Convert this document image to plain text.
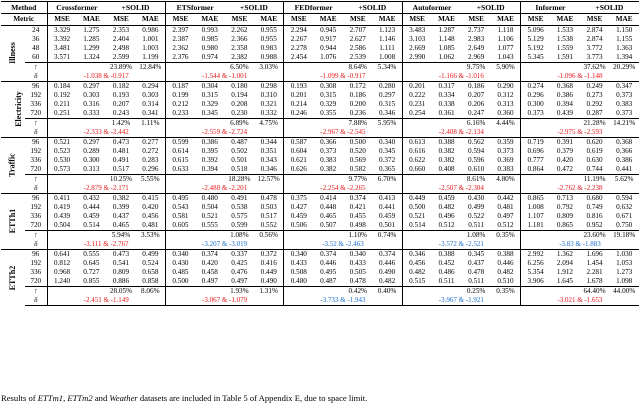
Method		Crossformer		+SOLID		ETSformer		+SOLID		FEDformer		+SOLID		Autoformer		+SOLID		Informer		+SOLID	
Metric		MSE	MAE	MSE	MAE	MSE	MAE	MSE	MAE	MSE	MAE	MSE	MAE	MSE	MAE	MSE	MAE	MSE	MAE	MSE	MAE
Illness	24	3.329	1.275	2.353	0.986	2.397	0.993	2.262	0.955	2.294	0.945	2.707	1.123	3.483	1.287	2.737	1.118	5.096	1.533	2.874	1.150
	36	3.392	1.285	2.404	1.001	2.387	0.985	2.366	0.955	2.267	0.917	2.627	1.146	3.103	1.148	2.983	1.106	5.129	1.538	2.874	1.155
	48	3.481	1.299	2.498	1.003	2.362	0.980	2.358	0.983	2.278	0.944	2.586	1.111	2.669	1.085	2.649	1.077	5.192	1.559	3.772	1.363
	60	3.571	1.324	2.599	1.199	2.376	0.974	2.382	0.988	2.454	1.076	2.539	1.008	2.990	1.062	2.969	1.043	5.345	1.591	3.773	1.394
	↑			23.89%	12.84%			6.50%	3.03%			8.64%	5.34%			9.75%	5.90%			37.62%	20.29%
	δ	-1.038 & -0.917				-1.544 & -1.001				-1.099 & -0.917				-1.166 & -1.016				-1.096 & -1.148			
Electricity	96	0.184	0.297	0.182	0.294	0.187	0.304	0.180	0.298	0.193	0.308	0.172	0.280	0.201	0.317	0.186	0.290	0.274	0.368	0.249	0.347
	192	0.192	0.303	0.193	0.303	0.199	0.315	0.194	0.310	0.201	0.315	0.186	0.297	0.222	0.334	0.207	0.312	0.296	0.386	0.273	0.373
	336	0.211	0.316	0.207	0.314	0.212	0.329	0.208	0.321	0.214	0.329	0.200	0.315	0.231	0.338	0.206	0.313	0.300	0.394	0.292	0.383
	720	0.251	0.333	0.243	0.341	0.233	0.345	0.230	0.332	0.246	0.355	0.236	0.346	0.254	0.361	0.247	0.360	0.373	0.439	0.287	0.373
	↑			1.42%	1.11%			6.89%	4.75%			7.88%	5.95%			6.16%	4.44%			21.28%	14.21%
	δ	-2.333 & -2.442				-2.559 & -2.724				-2.967 & -2.545				-2.408 & -2.134				-2.975 & -2.593			
Traffic	96	0.521	0.297	0.473	0.277	0.599	0.386	0.487	0.344	0.587	0.366	0.500	0.340	0.613	0.388	0.562	0.359	0.719	0.391	0.620	0.368
	192	0.523	0.289	0.481	0.272	0.614	0.395	0.502	0.351	0.604	0.373	0.520	0.345	0.616	0.382	0.594	0.373	0.696	0.379	0.619	0.366
	336	0.530	0.300	0.491	0.283	0.615	0.392	0.501	0.343	0.621	0.383	0.569	0.372	0.622	0.382	0.596	0.369	0.777	0.420	0.630	0.386
	720	0.573	0.313	0.517	0.296	0.633	0.394	0.518	0.346	0.626	0.382	0.582	0.365	0.660	0.408	0.610	0.383	0.864	0.472	0.744	0.441
	↑			10.25%	5.55%			18.28%	12.57%			9.77%	6.70%			8.61%	4.80%			11.19%	5.62%
	δ	-2.879 & -2.171				-2.488 & -2.201				-2.254 & -2.265				-2.507 & -2.304				-2.762 & -2.238			
ETTh1	96	0.411	0.432	0.382	0.415	0.495	0.480	0.491	0.478	0.375	0.414	0.374	0.413	0.449	0.459	0.430	0.442	0.865	0.713	0.680	0.594
	192	0.419	0.444	0.399	0.420	0.543	0.504	0.538	0.503	0.427	0.448	0.421	0.441	0.500	0.482	0.499	0.481	1.008	0.792	0.749	0.632
	336	0.439	0.459	0.437	0.456	0.581	0.521	0.575	0.517	0.459	0.465	0.455	0.459	0.521	0.496	0.522	0.497	1.107	0.809	0.816	0.671
	720	0.504	0.514	0.465	0.481	0.605	0.555	0.599	0.552	0.506	0.507	0.498	0.501	0.514	0.512	0.511	0.512	1.181	0.865	0.952	0.750
	↑			5.94%	3.53%			1.08%	0.56%			1.10%	0.74%			1.08%	0.35%			23.60%	19.18%
	δ	-3.111 & -2.767				-3.207 & -3.019				-3.52 & -2.463				-3.572 & -2.521				-3.83 & -1.883			
ETTh2	96	0.641	0.555	0.473	0.499	0.340	0.374	0.337	0.372	0.340	0.374	0.340	0.374	0.346	0.388	0.345	0.388	2.992	1.362	1.696	1.030
	192	0.812	0.645	0.541	0.524	0.430	0.420	0.425	0.416	0.433	0.446	0.433	0.446	0.456	0.452	0.437	0.446	6.256	2.094	1.454	1.053
	336	0.968	0.727	0.809	0.658	0.485	0.458	0.476	0.449	0.508	0.495	0.505	0.490	0.482	0.486	0.478	0.482	5.354	1.912	2.281	1.273
	720	1.240	0.855	0.886	0.858	0.500	0.497	0.497	0.490	0.480	0.487	0.478	0.482	0.515	0.511	0.511	0.510	3.906	1.645	1.678	1.098
	↑			28.05%	8.06%			1.93%	1.31%			0.42%	0.40%			0.25%	0.35%			64.40%	44.00%
	δ	-2.451 & -1.149				-3.067 & -1.079				-3.733 & -1.943				-3.967 & -1.921				-3.021 & -1.653			
Results of ETTm1, ETTm2 and Weather datasets are included in Table 5 of Appendix E, due to space limit.
